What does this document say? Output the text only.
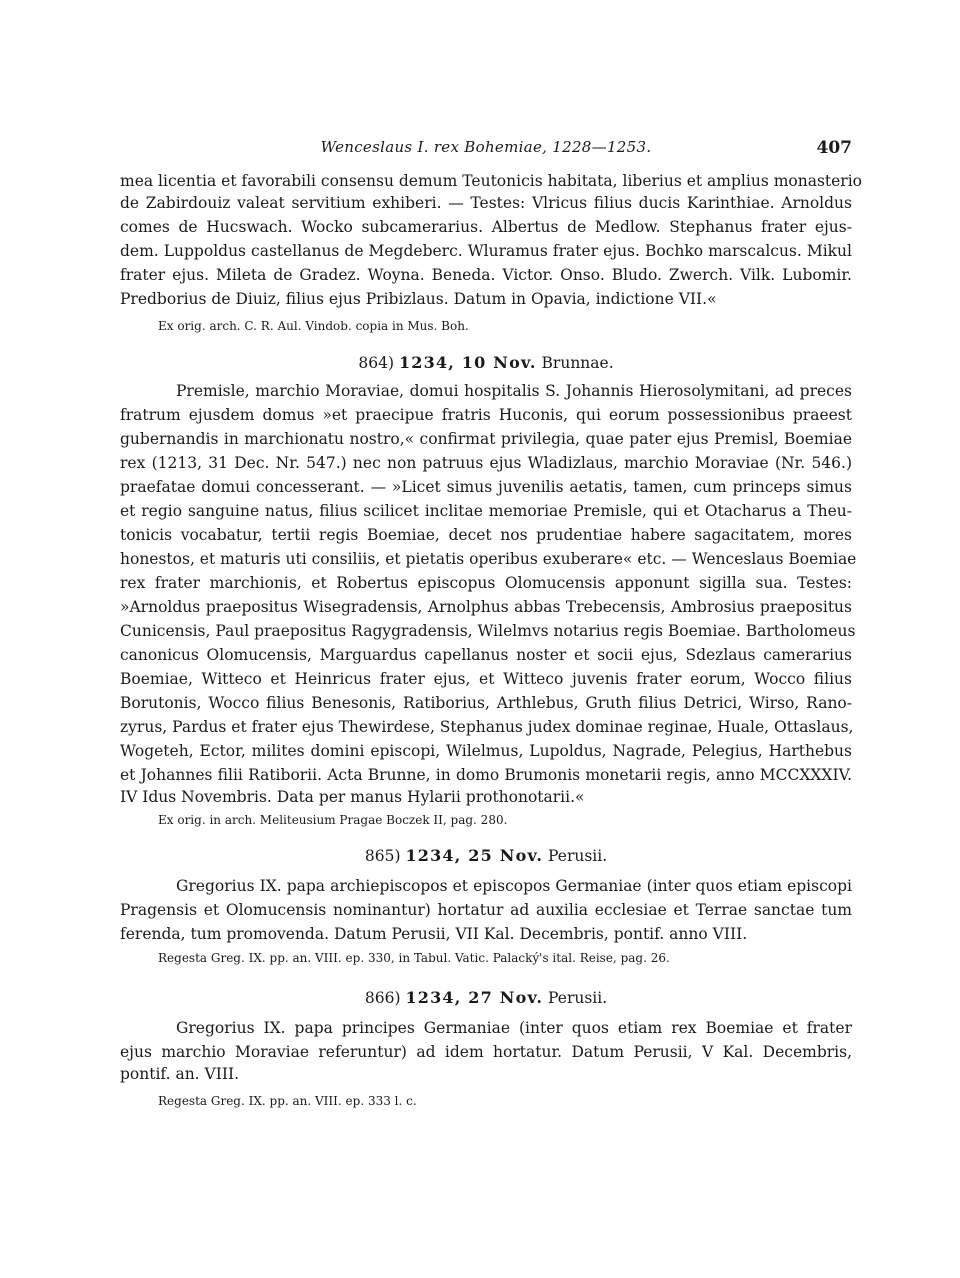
Wenceslaus I. rex Bohemiae, 1228—1253.	407
mea licentia et favorabili consensu demum Teutonicis habitata, liberius et amplius monasterio
de Zabirdouiz valeat servitium exhiberi. — Testes: Vlricus filius ducis Karinthiae. Arnoldus
comes de Hucswach. Wocko subcamerarius. Albertus de Medlow. Stephanus frater ejus-
dem. Luppoldus castellanus de Megdeberc. Wluramus frater ejus. Bochko marscalcus. Mikul
frater ejus. Mileta de Gradez. Woyna. Beneda. Victor. Onso. Bludo. Zwerch. Vilk. Lubomir.
Predborius de Diuiz, filius ejus Pribizlaus. Datum in Opavia, indictione VII.«
Ex orig. arch. C. R. Aul. Vindob. copia in Mus. Boh.
864) 1234, 10 Nov. Brunnae.
Premisle, marchio Moraviae, domui hospitalis S. Johannis Hierosolymitani, ad preces
fratrum ejusdem domus »et praecipue fratris Huconis, qui eorum possessionibus praeest
gubernandis in marchionatu nostro,« confirmat privilegia, quae pater ejus Premisl, Boemiae
rex (1213, 31 Dec. Nr. 547.) nec non patruus ejus Wladizlaus, marchio Moraviae (Nr. 546.)
praefatae domui concesserant. — »Licet simus juvenilis aetatis, tamen, cum princeps simus
et regio sanguine natus, filius scilicet inclitae memoriae Premisle, qui et Otacharus a Theu-
tonicis vocabatur, tertii regis Boemiae, decet nos prudentiae habere sagacitatem, mores
honestos, et maturis uti consiliis, et pietatis operibus exuberare« etc. — Wenceslaus Boemiae
rex frater marchionis, et Robertus episcopus Olomucensis apponunt sigilla sua. Testes:
»Arnoldus praepositus Wisegradensis, Arnolphus abbas Trebecensis, Ambrosius praepositus
Cunicensis, Paul praepositus Ragygradensis, Wilelmvs notarius regis Boemiae. Bartholomeus
canonicus Olomucensis, Marguardus capellanus noster et socii ejus, Sdezlaus camerarius
Boemiae, Witteco et Heinricus frater ejus, et Witteco juvenis frater eorum, Wocco filius
Borutonis, Wocco filius Benesonis, Ratiborius, Arthlebus, Gruth filius Detrici, Wirso, Rano-
zyrus, Pardus et frater ejus Thewirdese, Stephanus judex dominae reginae, Huale, Ottaslaus,
Wogeteh, Ector, milites domini episcopi, Wilelmus, Lupoldus, Nagrade, Pelegius, Harthebus
et Johannes filii Ratiborii. Acta Brunne, in domo Brumonis monetarii regis, anno MCCXXXIV.
IV Idus Novembris. Data per manus Hylarii prothonotarii.«
Ex orig. in arch. Meliteusium Pragae Boczek II, pag. 280.
865) 1234, 25 Nov. Perusii.
Gregorius IX. papa archiepiscopos et episcopos Germaniae (inter quos etiam episcopi
Pragensis et Olomucensis nominantur) hortatur ad auxilia ecclesiae et Terrae sanctae tum
ferenda, tum promovenda. Datum Perusii, VII Kal. Decembris, pontif. anno VIII.
Regesta Greg. IX. pp. an. VIII. ep. 330, in Tabul. Vatic. Palacký's ital. Reise, pag. 26.
866) 1234, 27 Nov. Perusii.
Gregorius IX. papa principes Germaniae (inter quos etiam rex Boemiae et frater
ejus marchio Moraviae referuntur) ad idem hortatur. Datum Perusii, V Kal. Decembris,
pontif. an. VIII.
Regesta Greg. IX. pp. an. VIII. ep. 333 l. c.
